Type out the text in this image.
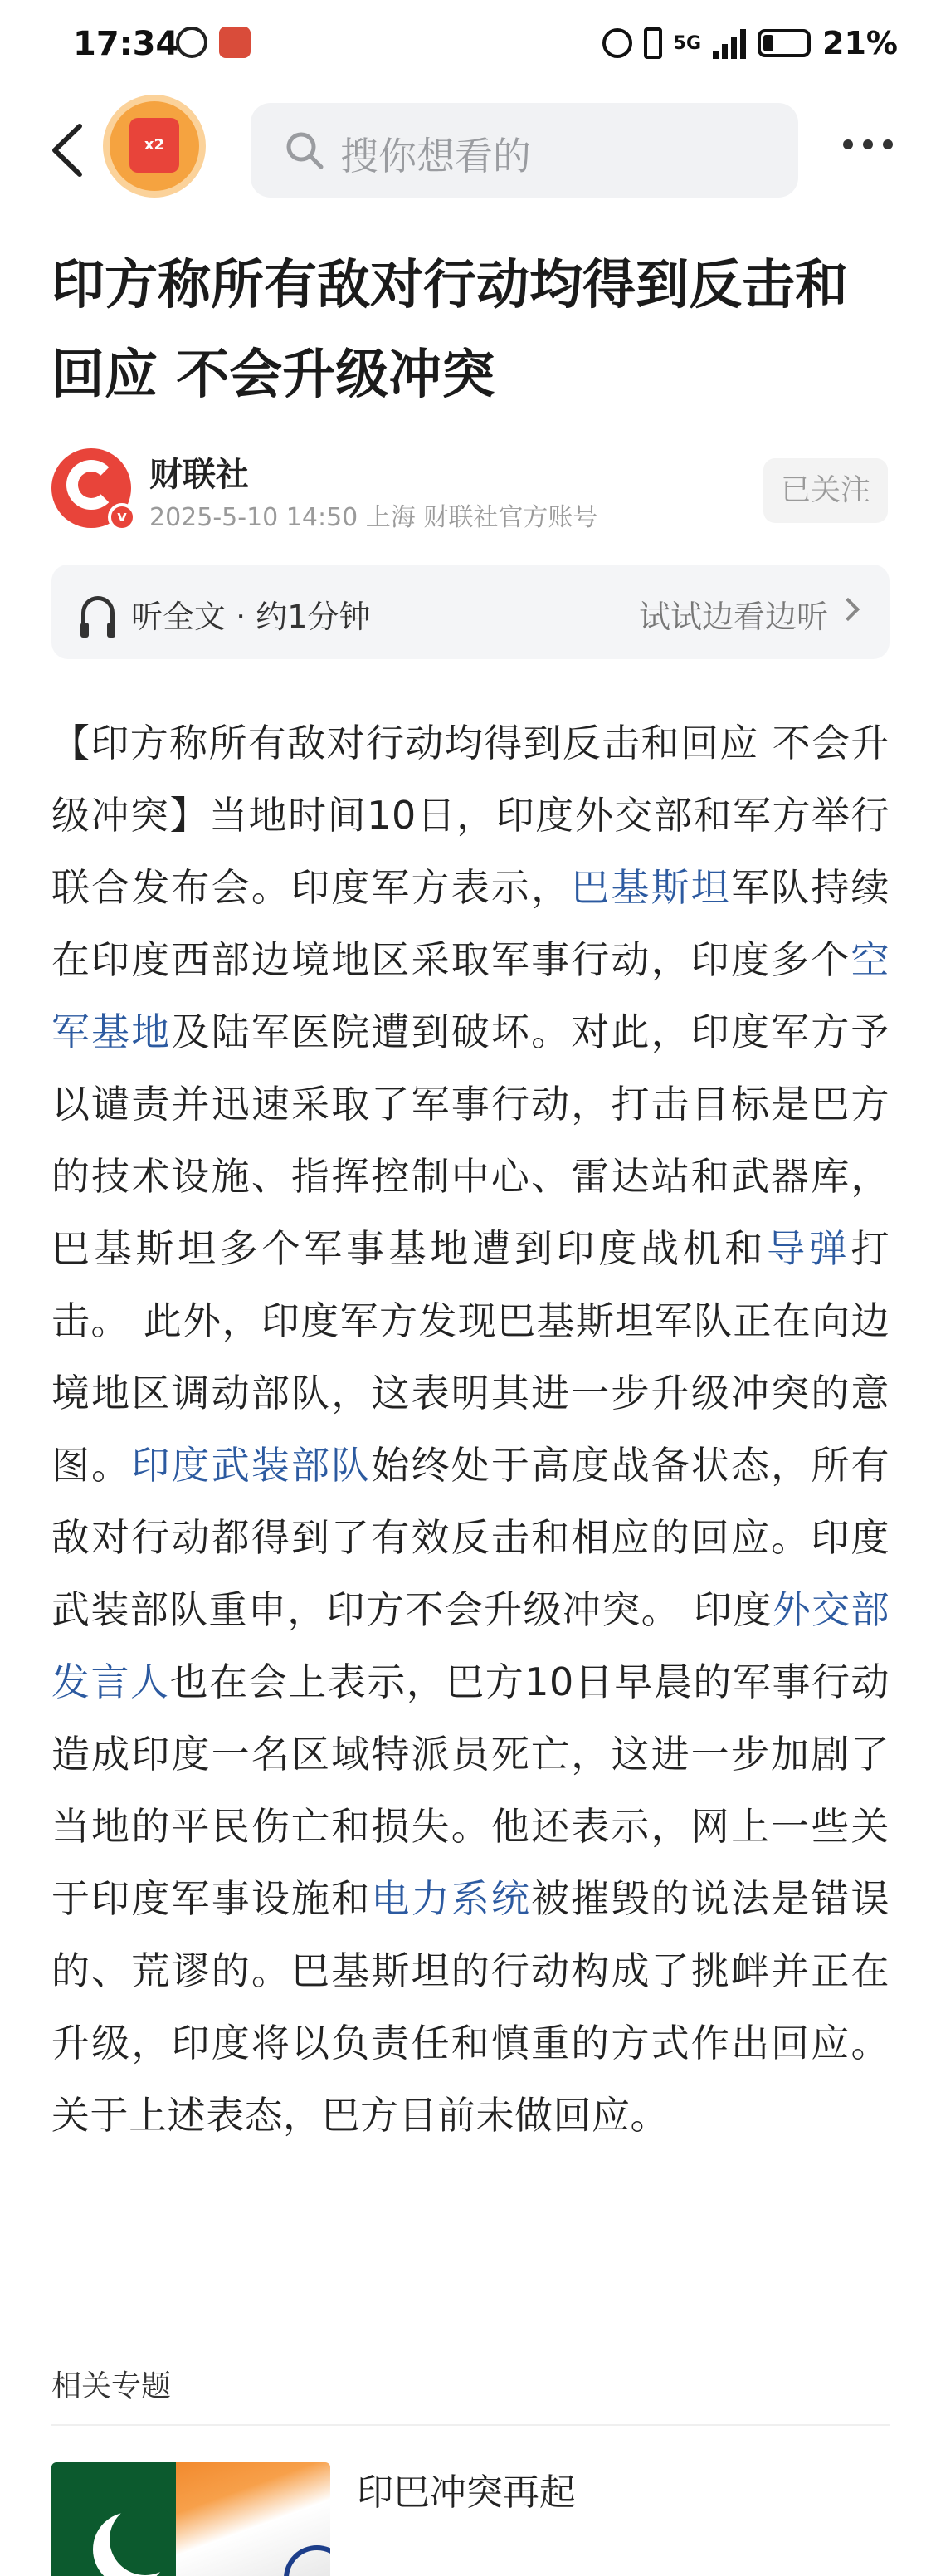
17:34	5G	21%
x2	搜你想看的
印方称所有敌对行动均得到反击和回应 不会升级冲突
v
财联社
2025-5-10 14:50 上海 财联社官方账号
已关注
听全文 · 约1分钟	试试边看边听
【印方称所有敌对行动均得到反击和回应 不会升级冲突】当地时间10日，印度外交部和军方举行联合发布会。印度军方表示，巴基斯坦军队持续在印度西部边境地区采取军事行动，印度多个空军基地及陆军医院遭到破坏。对此，印度军方予以谴责并迅速采取了军事行动，打击目标是巴方的技术设施、指挥控制中心、雷达站和武器库，巴基斯坦多个军事基地遭到印度战机和导弹打击。 此外，印度军方发现巴基斯坦军队正在向边境地区调动部队，这表明其进一步升级冲突的意图。印度武装部队始终处于高度战备状态，所有敌对行动都得到了有效反击和相应的回应。印度武装部队重申，印方不会升级冲突。 印度外交部发言人也在会上表示，巴方10日早晨的军事行动造成印度一名区域特派员死亡，这进一步加剧了当地的平民伤亡和损失。他还表示，网上一些关于印度军事设施和电力系统被摧毁的说法是错误的、荒谬的。巴基斯坦的行动构成了挑衅并正在升级，印度将以负责任和慎重的方式作出回应。 关于上述表态，巴方目前未做回应。
相关专题
印巴冲突再起
